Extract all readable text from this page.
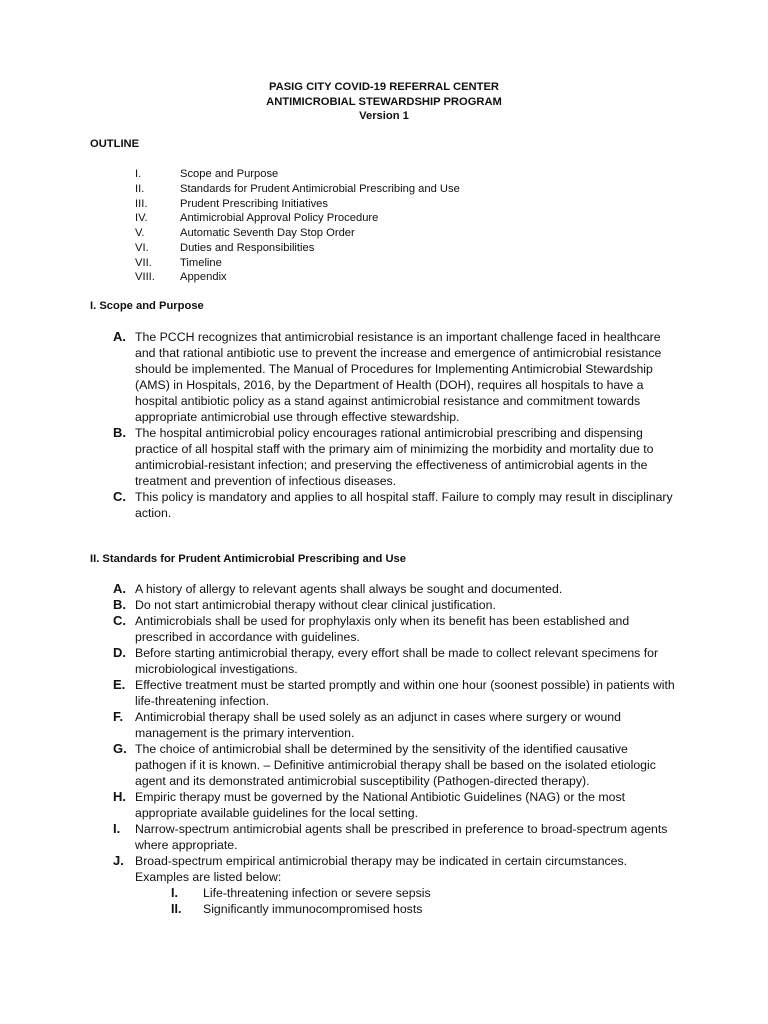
PASIG CITY COVID-19 REFERRAL CENTER
ANTIMICROBIAL STEWARDSHIP PROGRAM
Version 1
OUTLINE
I.	Scope and Purpose
II.	Standards for Prudent Antimicrobial Prescribing and Use
III.	Prudent Prescribing Initiatives
IV.	Antimicrobial Approval Policy Procedure
V.	Automatic Seventh Day Stop Order
VI.	Duties and Responsibilities
VII.	Timeline
VIII.	Appendix
I. Scope and Purpose
A. The PCCH recognizes that antimicrobial resistance is an important challenge faced in healthcare and that rational antibiotic use to prevent the increase and emergence of antimicrobial resistance should be implemented. The Manual of Procedures for Implementing Antimicrobial Stewardship (AMS) in Hospitals, 2016, by the Department of Health (DOH), requires all hospitals to have a hospital antibiotic policy as a stand against antimicrobial resistance and commitment towards appropriate antimicrobial use through effective stewardship.
B. The hospital antimicrobial policy encourages rational antimicrobial prescribing and dispensing practice of all hospital staff with the primary aim of minimizing the morbidity and mortality due to antimicrobial-resistant infection; and preserving the effectiveness of antimicrobial agents in the treatment and prevention of infectious diseases.
C. This policy is mandatory and applies to all hospital staff. Failure to comply may result in disciplinary action.
II. Standards for Prudent Antimicrobial Prescribing and Use
A. A history of allergy to relevant agents shall always be sought and documented.
B. Do not start antimicrobial therapy without clear clinical justification.
C. Antimicrobials shall be used for prophylaxis only when its benefit has been established and prescribed in accordance with guidelines.
D. Before starting antimicrobial therapy, every effort shall be made to collect relevant specimens for microbiological investigations.
E. Effective treatment must be started promptly and within one hour (soonest possible) in patients with life-threatening infection.
F. Antimicrobial therapy shall be used solely as an adjunct in cases where surgery or wound management is the primary intervention.
G. The choice of antimicrobial shall be determined by the sensitivity of the identified causative pathogen if it is known. – Definitive antimicrobial therapy shall be based on the isolated etiologic agent and its demonstrated antimicrobial susceptibility (Pathogen-directed therapy).
H. Empiric therapy must be governed by the National Antibiotic Guidelines (NAG) or the most appropriate available guidelines for the local setting.
I.	Narrow-spectrum antimicrobial agents shall be prescribed in preference to broad-spectrum agents where appropriate.
J. Broad-spectrum empirical antimicrobial therapy may be indicated in certain circumstances. Examples are listed below:
I.	Life-threatening infection or severe sepsis
II.	Significantly immunocompromised hosts
